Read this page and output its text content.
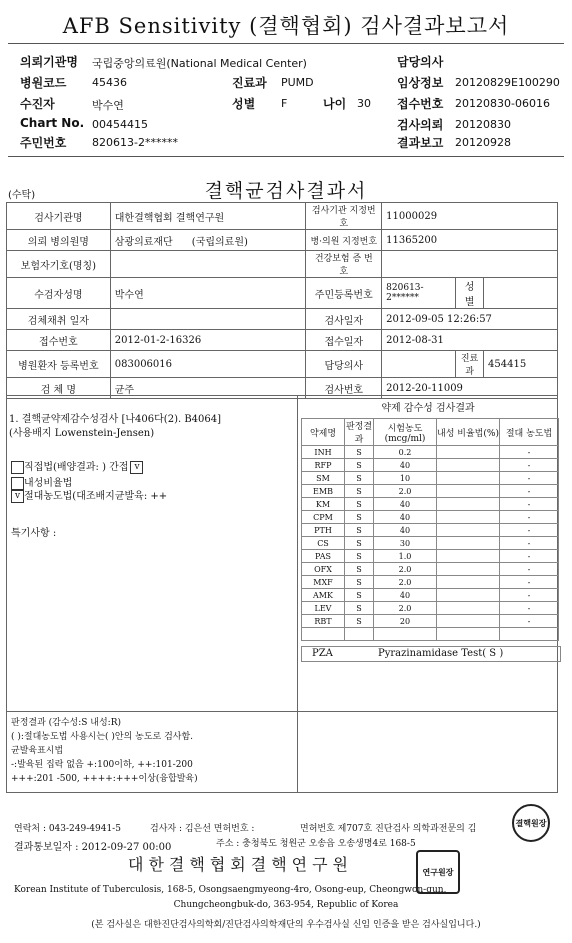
AFB Sensitivity (결핵협회) 검사결과보고서
의뢰기관명 국립중앙의료원(National Medical Center)	담당의사
병원코드 45436	진료과 PUMD	임상정보 20120829E100290
수진자	박수연	성별 F	나이 30 접수번호 20120830-06016
Chart No. 00454415	검사의뢰 20120830
주민번호 820613-2******	결과보고 20120928
(수탁)	결핵균검사결과서
검사기관명	대한결핵협회 결핵연구원	검사기관 지정번호	11000029		
의뢰 병의원명	삼광의료재단 (국립의료원)	병·의원 지정번호	11365200		
보험자기호(명칭)		건강보험 증 번 호			
수검자성명	박수연	주민등록번호	820613-2******	성별	
검체채취 일자		검사일자	2012-09-05 12:26:57		
접수번호	2012-01-2-16326	접수일자	2012-08-31		
병원환자 등록번호	083006016	담당의사		진료과	454415
검 체 명	균주	검사번호	2012-20-11009		
1. 결핵균약제감수성검사 [나406다(2). B4064]
(사용배지 Lowenstein-Jensen)
직접법(배양결과: ) 간접 v
내성비율법
v 절대농도법(대조배지균발육: ++
특기사항 :
약제 감수성 검사결과
약제명	판정결과	시험농도 (mcg/ml)	내성 비율법(%)	절대 농도법
INH	S	0.2		-
RFP	S	40		-
SM	S	10		-
EMB	S	2.0		-
KM	S	40		-
CPM	S	40		-
PTH	S	40		-
CS	S	30		-
PAS	S	1.0		-
OFX	S	2.0		-
MXF	S	2.0		-
AMK	S	40		-
LEV	S	2.0		-
RBT	S	20		-

PZA	Pyrazinamidase Test( S )
판정결과 (감수성:S 내성:R)
( ):절대농도법 사용시는( )안의 농도로 검사함.
균발육표시법
-:발육된 집락 없음 +:100이하, ++:101-200
+++:201 -500, ++++:+++이상(융합발육)
연락처 : 043-249-4941-5	검사자 : 김은선 면허번호 :	면허번호 제707호 진단검사 의학과전문의 김
결과통보일자 : 2012-09-27 00:00	주소 : 충청북도 청원군 오송읍 오송생명4로 168-5
대한결핵협회결핵연구원
Korean Institute of Tuberculosis, 168-5, Osongsaengmyeong-4ro, Osong-eup, Cheongwon-gun,
Chungcheongbuk-do, 363-954, Republic of Korea
(본 검사실은 대한진단검사의학회/진단검사의학재단의 우수검사실 신임 인증을 받은 검사실입니다.)
결핵원장
연구원장
